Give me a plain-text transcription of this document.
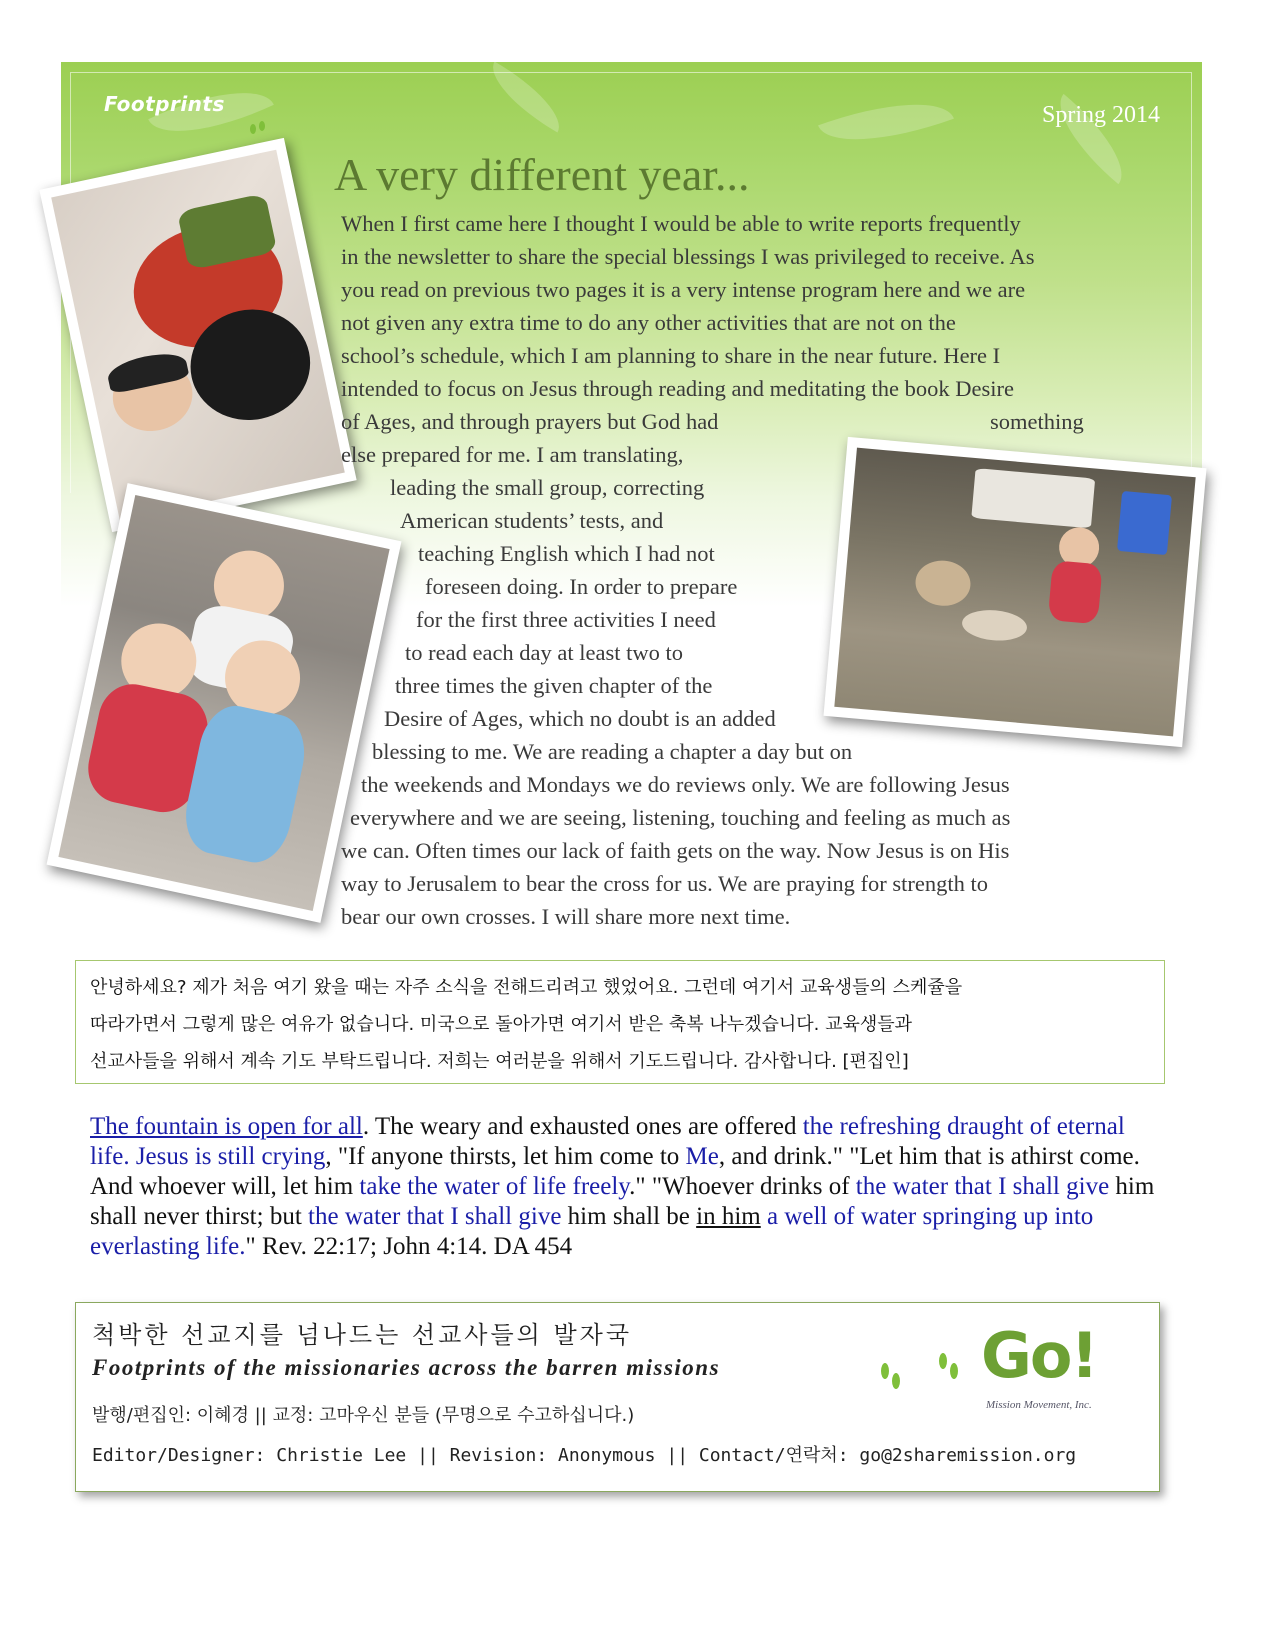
Footprints	Spring 2014
A very different year...
When I first came here I thought I would be able to write reports frequently
in the newsletter to share the special blessings I was privileged to receive. As
you read on previous two pages it is a very intense program here and we are
not given any extra time to do any other activities that are not on the
school’s schedule, which I am planning to share in the near future. Here I
intended to focus on Jesus through reading and meditating the book Desire
of Ages, and through prayers but God had	something
else prepared for me. I am translating,
leading the small group, correcting
American students’ tests, and
teaching English which I had not
foreseen doing. In order to prepare
for the first three activities I need
to read each day at least two to
three times the given chapter of the
Desire of Ages, which no doubt is an added
blessing to me. We are reading a chapter a day but on
the weekends and Mondays we do reviews only. We are following Jesus
everywhere and we are seeing, listening, touching and feeling as much as
we can. Often times our lack of faith gets on the way. Now Jesus is on His
way to Jerusalem to bear the cross for us. We are praying for strength to
bear our own crosses. I will share more next time.
안녕하세요? 제가 처음 여기 왔을 때는 자주 소식을 전해드리려고 했었어요. 그런데 여기서 교육생들의 스케쥴을
따라가면서 그렇게 많은 여유가 없습니다. 미국으로 돌아가면 여기서 받은 축복 나누겠습니다. 교육생들과
선교사들을 위해서 계속 기도 부탁드립니다. 저희는 여러분을 위해서 기도드립니다. 감사합니다. [편집인]
The fountain is open for all. The weary and exhausted ones are offered the refreshing draught of eternal life. Jesus is still crying, "If anyone thirsts, let him come to Me, and drink." "Let him that is athirst come. And whoever will, let him take the water of life freely." "Whoever drinks of the water that I shall give him shall never thirst; but the water that I shall give him shall be in him a well of water springing up into everlasting life." Rev. 22:17; John 4:14. DA 454
척박한 선교지를 넘나드는 선교사들의 발자국
Footprints of the missionaries across the barren missions
발행/편집인: 이혜경 || 교정: 고마우신 분들 (무명으로 수고하십니다.)
Editor/Designer: Christie Lee || Revision: Anonymous || Contact/연락처: go@2sharemission.org
Go!
Mission Movement, Inc.
